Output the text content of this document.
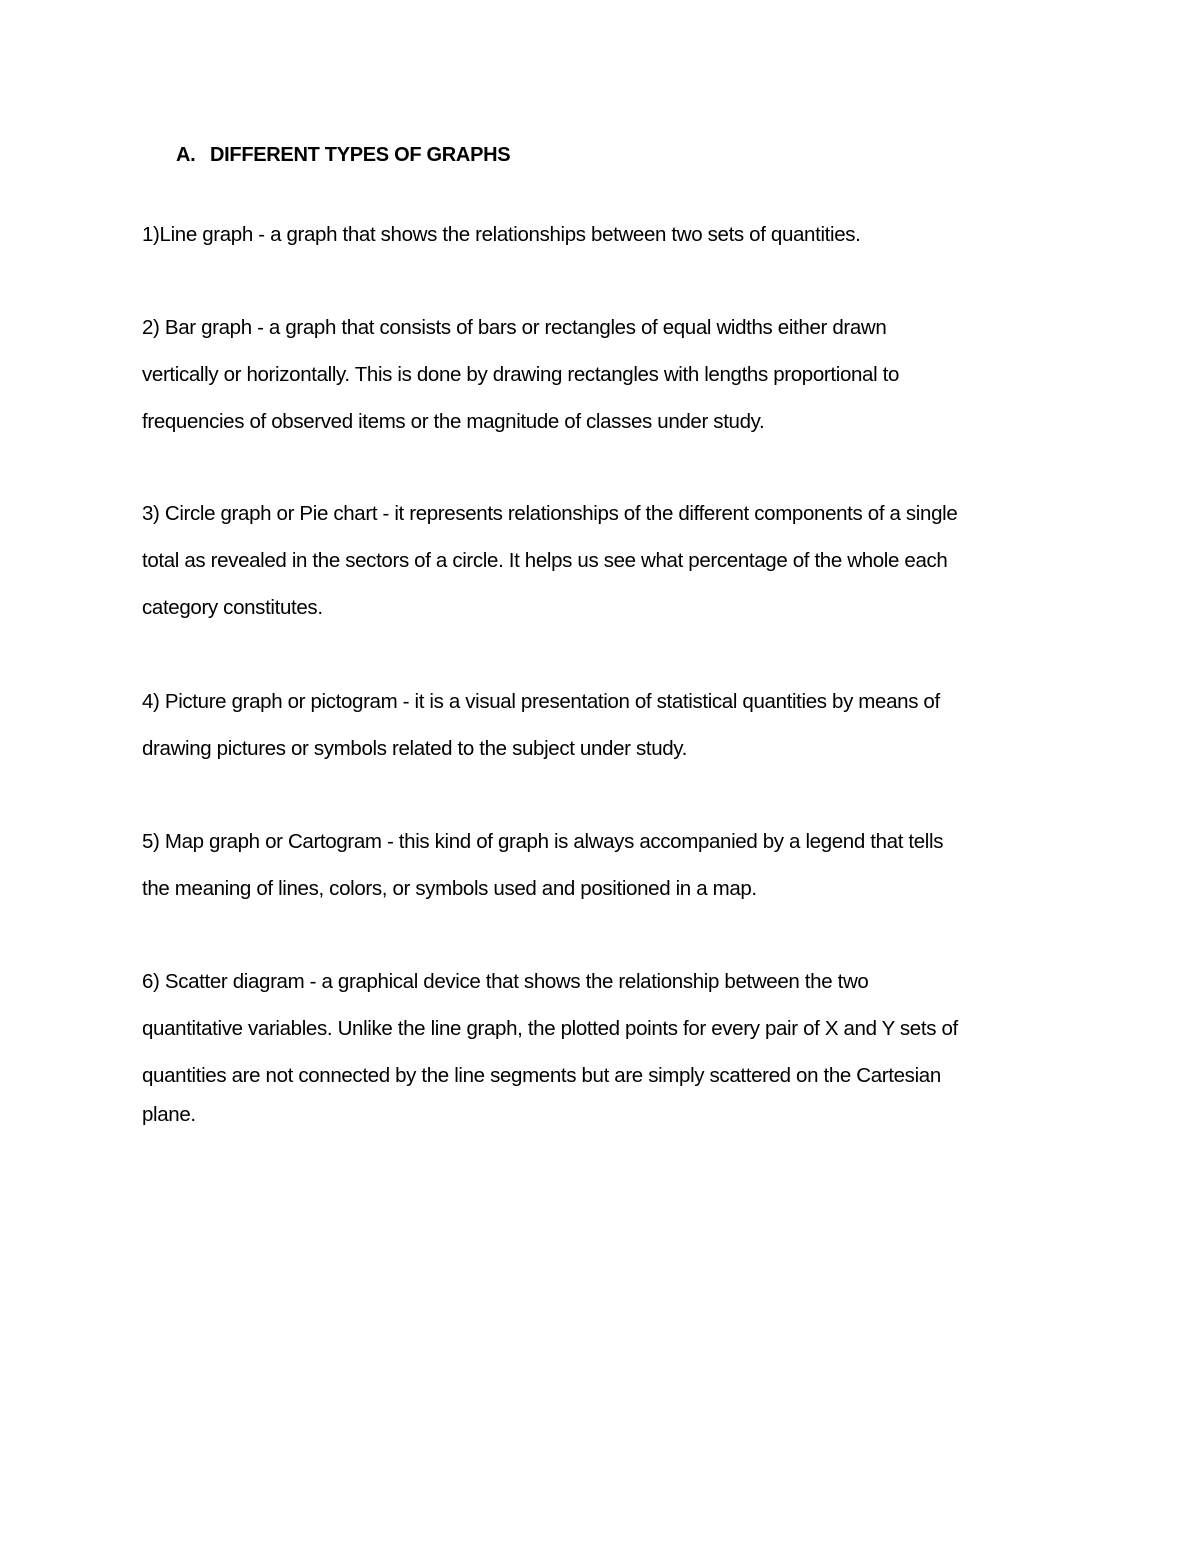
A. DIFFERENT TYPES OF GRAPHS
1)Line graph - a graph that shows the relationships between two sets of quantities.
2) Bar graph - a graph that consists of bars or rectangles of equal widths either drawn
vertically or horizontally. This is done by drawing rectangles with lengths proportional to
frequencies of observed items or the magnitude of classes under study.
3) Circle graph or Pie chart - it represents relationships of the different components of a single
total as revealed in the sectors of a circle. It helps us see what percentage of the whole each
category constitutes.
4) Picture graph or pictogram - it is a visual presentation of statistical quantities by means of
drawing pictures or symbols related to the subject under study.
5) Map graph or Cartogram - this kind of graph is always accompanied by a legend that tells
the meaning of lines, colors, or symbols used and positioned in a map.
6) Scatter diagram - a graphical device that shows the relationship between the two
quantitative variables. Unlike the line graph, the plotted points for every pair of X and Y sets of
quantities are not connected by the line segments but are simply scattered on the Cartesian
plane.
